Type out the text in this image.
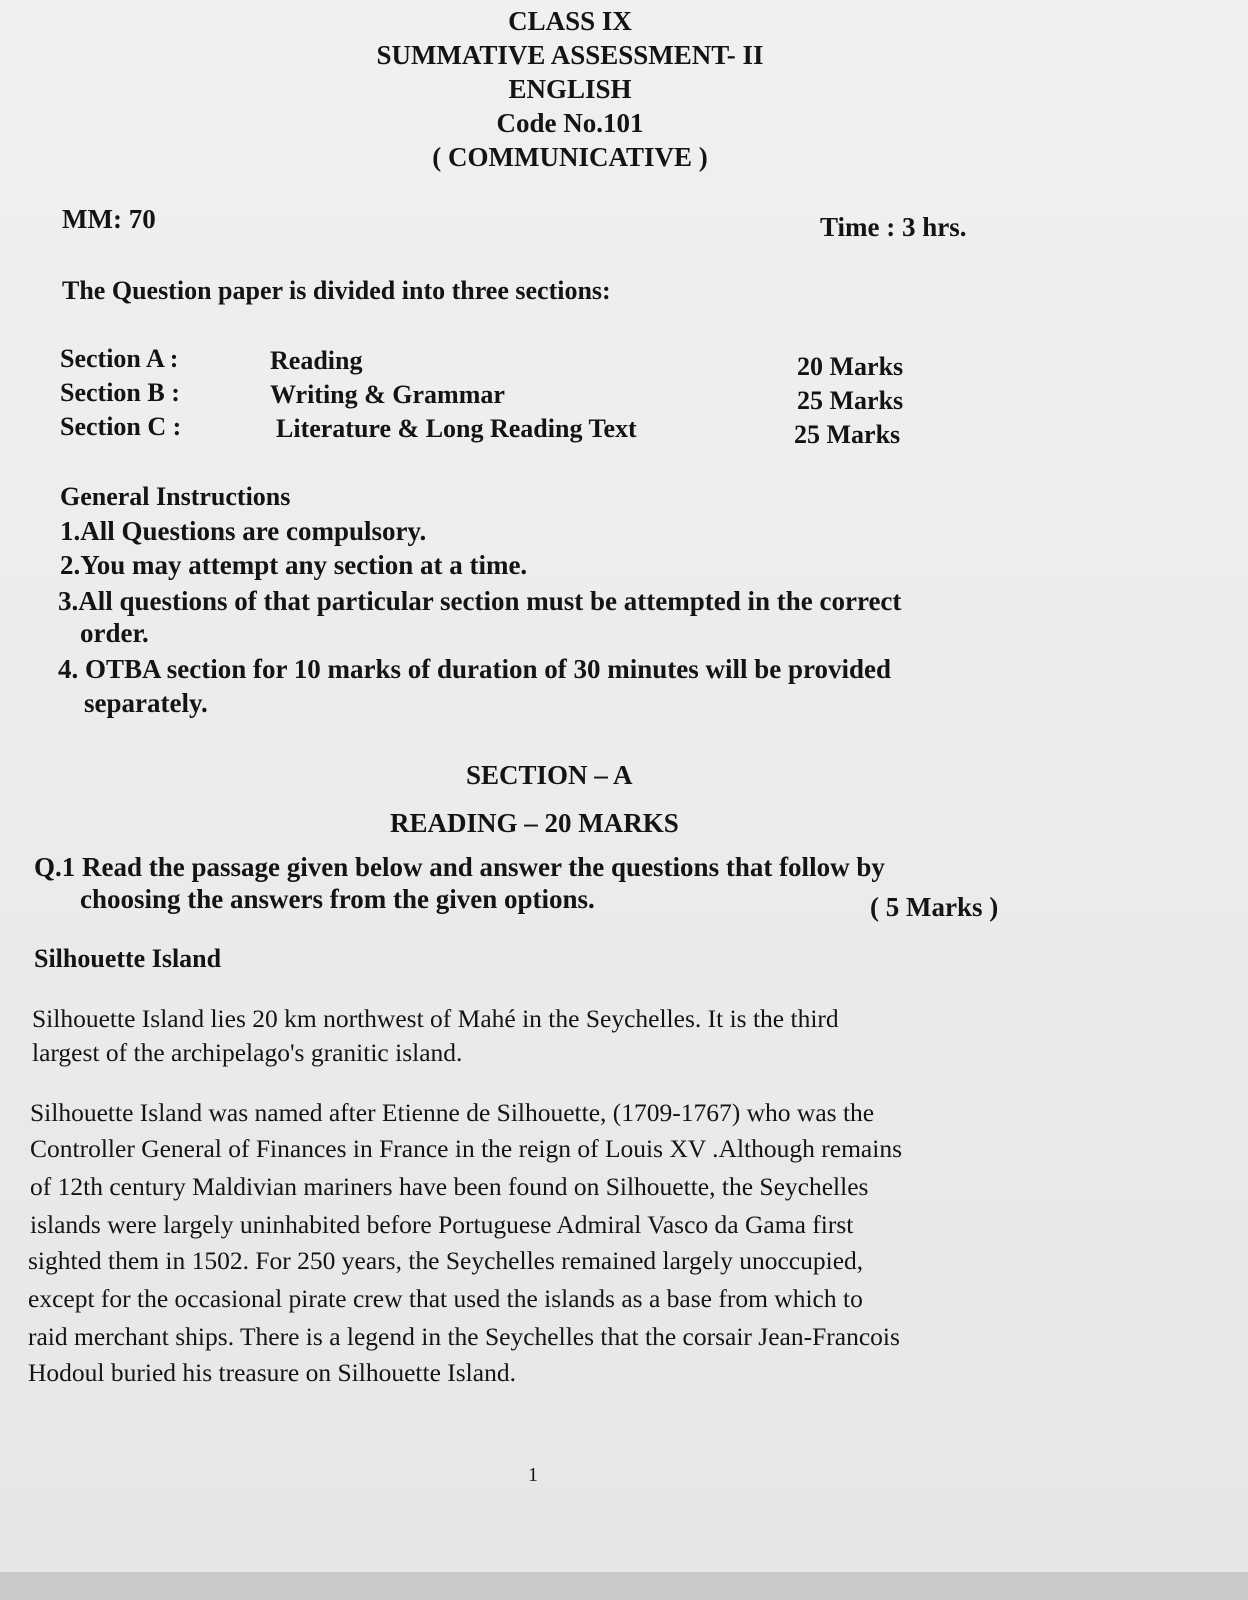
CLASS IX
SUMMATIVE ASSESSMENT- II
ENGLISH
Code No.101
( COMMUNICATIVE )
MM: 70	Time : 3 hrs.
The Question paper is divided into three sections:
Section A :	Reading	20 Marks
Section B :	Writing & Grammar	25 Marks
Section C :	Literature & Long Reading Text	25 Marks
General Instructions
1.All Questions are compulsory.
2.You may attempt any section at a time.
3.All questions of that particular section must be attempted in the correct
order.
4. OTBA section for 10 marks of duration of 30 minutes will be provided
separately.
SECTION – A
READING – 20 MARKS
Q.1 Read the passage given below and answer the questions that follow by
choosing the answers from the given options.	( 5 Marks )
Silhouette Island
Silhouette Island lies 20 km northwest of Mahé in the Seychelles. It is the third
largest of the archipelago's granitic island.
Silhouette Island was named after Etienne de Silhouette, (1709-1767) who was the
Controller General of Finances in France in the reign of Louis XV .Although remains
of 12th century Maldivian mariners have been found on Silhouette, the Seychelles
islands were largely uninhabited before Portuguese Admiral Vasco da Gama first
sighted them in 1502. For 250 years, the Seychelles remained largely unoccupied,
except for the occasional pirate crew that used the islands as a base from which to
raid merchant ships. There is a legend in the Seychelles that the corsair Jean-Francois
Hodoul buried his treasure on Silhouette Island.
1
